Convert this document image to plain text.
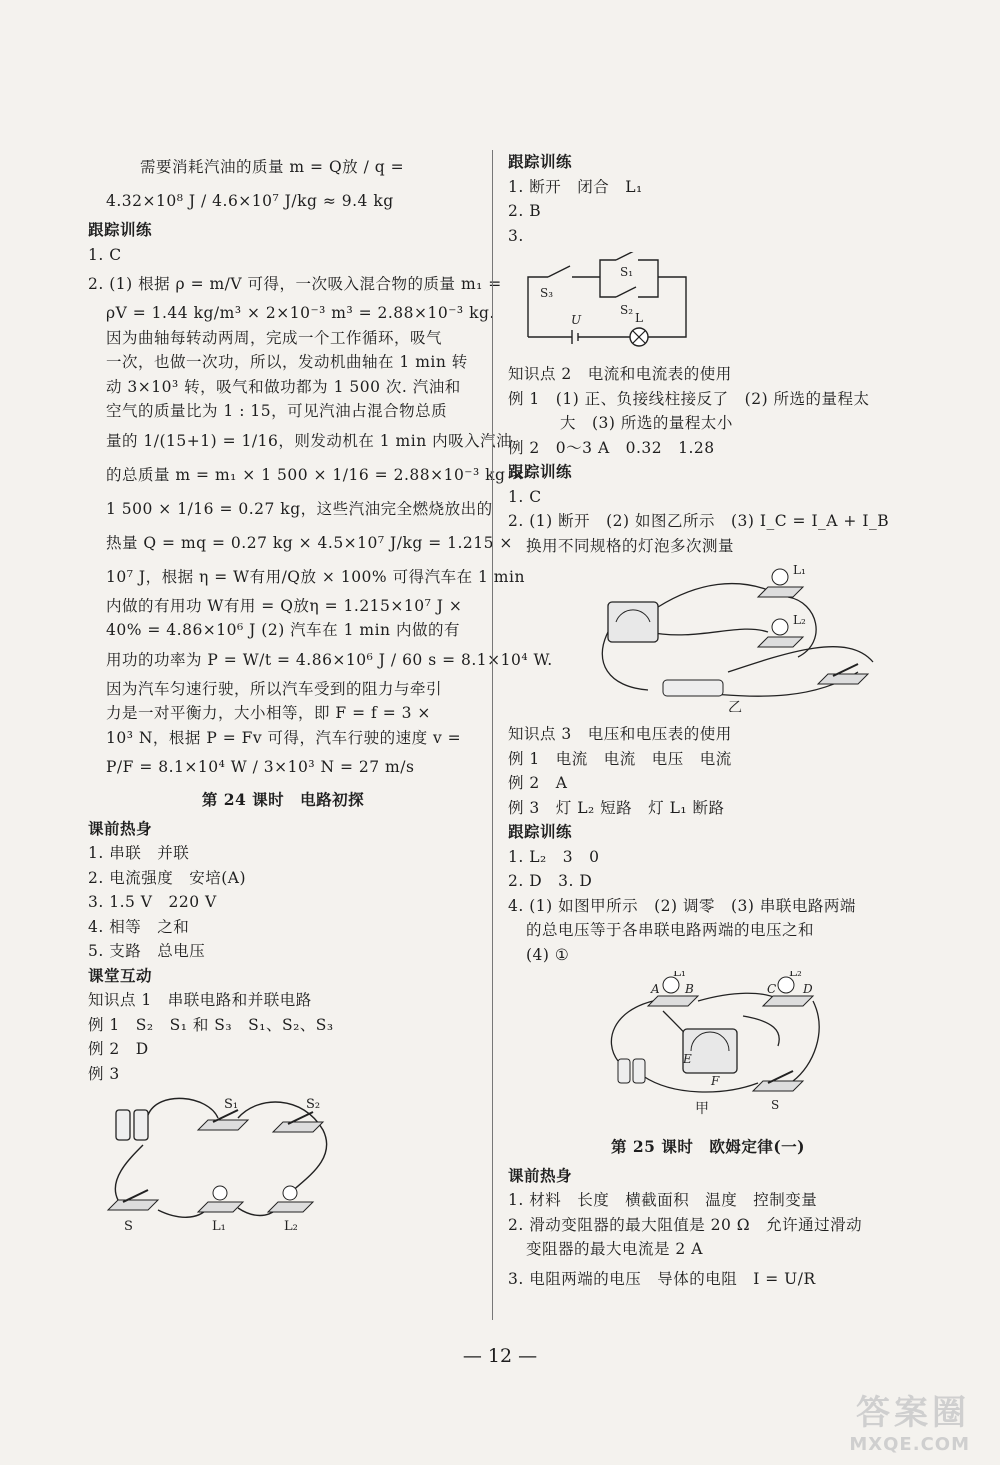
需要消耗汽油的质量 m = Q放 / q =
4.32×10⁸ J / 4.6×10⁷ J/kg ≈ 9.4 kg
跟踪训练
1. C
2. (1) 根据 ρ = m/V 可得，一次吸入混合物的质量 m₁ =
ρV = 1.44 kg/m³ × 2×10⁻³ m³ = 2.88×10⁻³ kg.
因为曲轴每转动两周，完成一个工作循环，吸气
一次，也做一次功，所以，发动机曲轴在 1 min 转
动 3×10³ 转，吸气和做功都为 1 500 次. 汽油和
空气的质量比为 1 : 15，可见汽油占混合物总质
量的 1/(15+1) = 1/16，则发动机在 1 min 内吸入汽油
的总质量 m = m₁ × 1 500 × 1/16 = 2.88×10⁻³ kg ×
1 500 × 1/16 = 0.27 kg，这些汽油完全燃烧放出的
热量 Q = mq = 0.27 kg × 4.5×10⁷ J/kg = 1.215 ×
10⁷ J，根据 η = W有用/Q放 × 100% 可得汽车在 1 min
内做的有用功 W有用 = Q放η = 1.215×10⁷ J ×
40% = 4.86×10⁶ J (2) 汽车在 1 min 内做的有
用功的功率为 P = W/t = 4.86×10⁶ J / 60 s = 8.1×10⁴ W.
因为汽车匀速行驶，所以汽车受到的阻力与牵引
力是一对平衡力，大小相等，即 F = f = 3 ×
10³ N，根据 P = Fv 可得，汽车行驶的速度 v =
P/F = 8.1×10⁴ W / 3×10³ N = 27 m/s
第 24 课时　电路初探
课前热身
1. 串联　并联
2. 电流强度　安培(A)
3. 1.5 V　220 V
4. 相等　之和
5. 支路　总电压
课堂互动
知识点 1　串联电路和并联电路
例 1　S₂　S₁ 和 S₃　S₁、S₂、S₃
例 2　D
例 3
S₁	S₂
S	L₁	L₂
跟踪训练
1. 断开　闭合　L₁
2. B
3.
S₃
S₁
S₂
U	L
知识点 2　电流和电流表的使用
例 1　(1) 正、负接线柱接反了　(2) 所选的量程太
大　(3) 所选的量程太小
例 2　0～3 A　0.32　1.28
跟踪训练
1. C
2. (1) 断开　(2) 如图乙所示　(3) I_C = I_A + I_B
换用不同规格的灯泡多次测量
L₁
L₂
乙
知识点 3　电压和电压表的使用
例 1　电流　电流　电压　电流
例 2　A
例 3　灯 L₂ 短路　灯 L₁ 断路
跟踪训练
1. L₂　3　0
2. D　3. D
4. (1) 如图甲所示　(2) 调零　(3) 串联电路两端
的总电压等于各串联电路两端的电压之和
(4) ①
L₁	L₂
A B	C D
E
F
甲	S
第 25 课时　欧姆定律(一)
课前热身
1. 材料　长度　横截面积　温度　控制变量
2. 滑动变阻器的最大阻值是 20 Ω　允许通过滑动
变阻器的最大电流是 2 A
3. 电阻两端的电压　导体的电阻　I = U/R
— 12 —
答案圈
MXQE.COM
